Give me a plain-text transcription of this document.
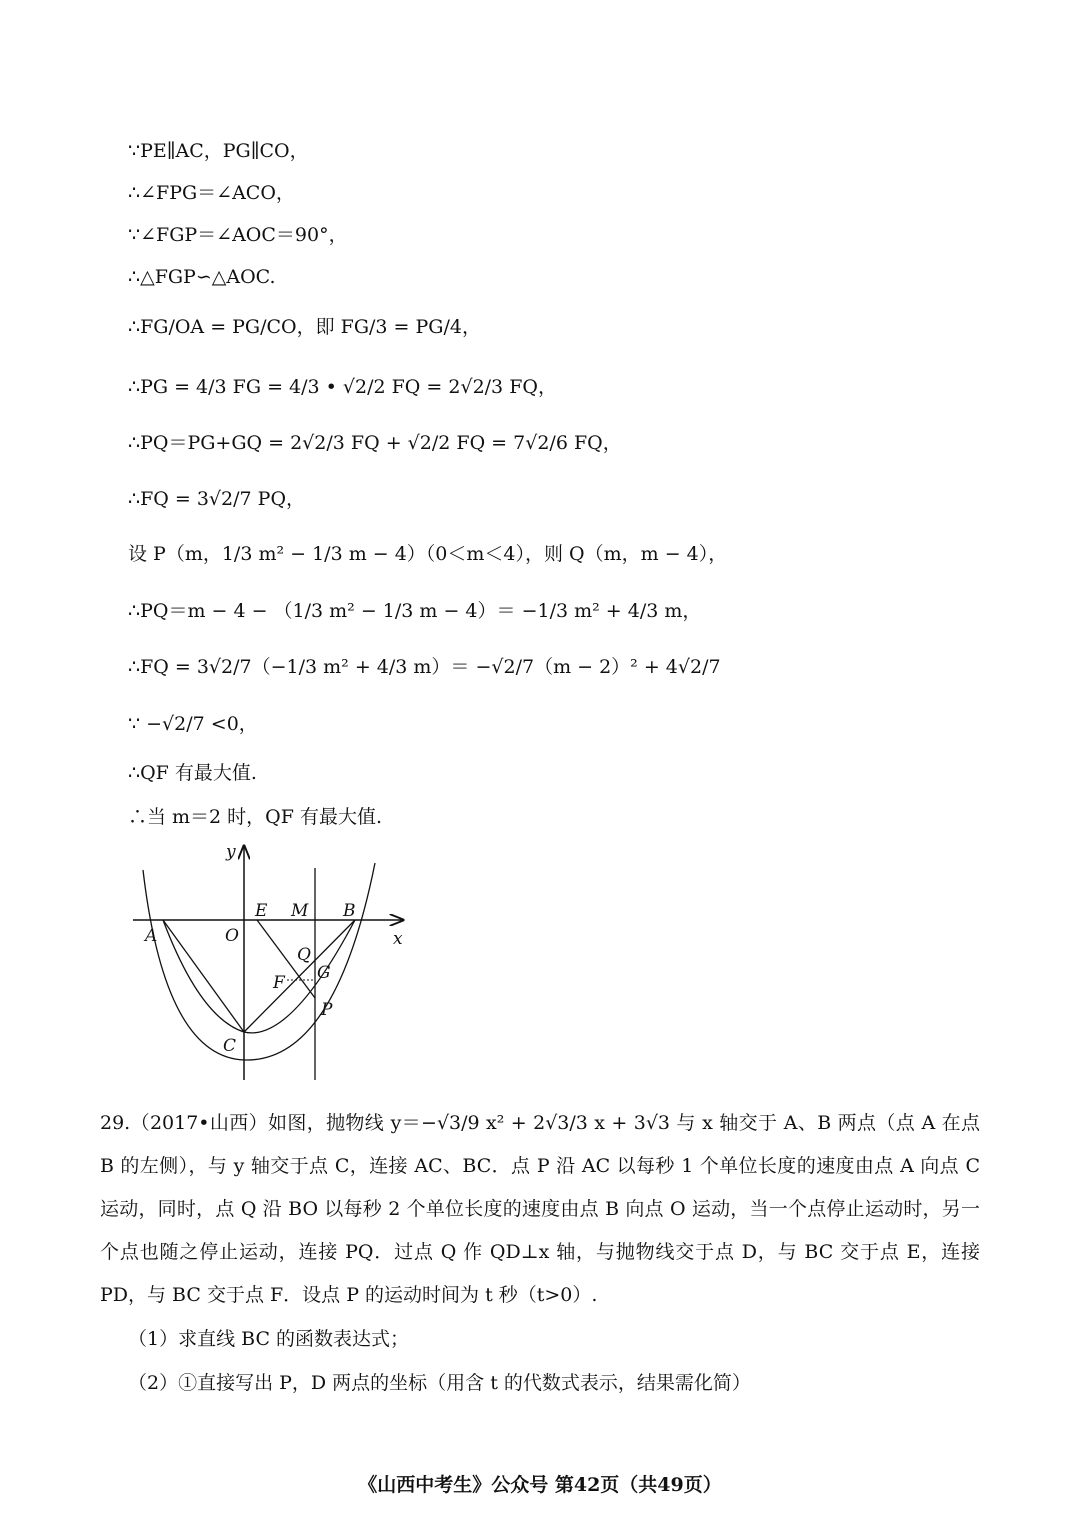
∵PE∥AC，PG∥CO，
∴∠FPG＝∠ACO，
∵∠FGP＝∠AOC＝90°，
∴△FGP∽△AOC.
∴FG/OA = PG/CO，即 FG/3 = PG/4，
∴PG = 4/3 FG = 4/3 • √2/2 FQ = 2√2/3 FQ，
∴PQ＝PG+GQ = 2√2/3 FQ + √2/2 FQ = 7√2/6 FQ，
∴FQ = 3√2/7 PQ，
设 P（m，1/3 m² − 1/3 m − 4）（0＜m＜4），则 Q（m，m − 4），
∴PQ＝m − 4 − （1/3 m² − 1/3 m − 4）＝ −1/3 m² + 4/3 m，
∴FQ = 3√2/7（−1/3 m² + 4/3 m）＝ −√2/7（m − 2）² + 4√2/7
∵ −√2/7 <0，
∴QF 有最大值.
∴当 m＝2 时，QF 有最大值.
y
x
A	O
E M B
Q
G
F
P
C
29.（2017•山西）如图，抛物线 y＝−√3/9 x² + 2√3/3 x + 3√3 与 x 轴交于 A、B 两点（点 A 在点 B 的左侧），与 y 轴交于点 C，连接 AC、BC．点 P 沿 AC 以每秒 1 个单位长度的速度由点 A 向点 C 运动，同时，点 Q 沿 BO 以每秒 2 个单位长度的速度由点 B 向点 O 运动，当一个点停止运动时，另一个点也随之停止运动，连接 PQ．过点 Q 作 QD⊥x 轴，与抛物线交于点 D，与 BC 交于点 E，连接 PD，与 BC 交于点 F．设点 P 的运动时间为 t 秒（t>0）.
（1）求直线 BC 的函数表达式；
（2）①直接写出 P，D 两点的坐标（用含 t 的代数式表示，结果需化简）
《山西中考生》公众号 第42页（共49页）
